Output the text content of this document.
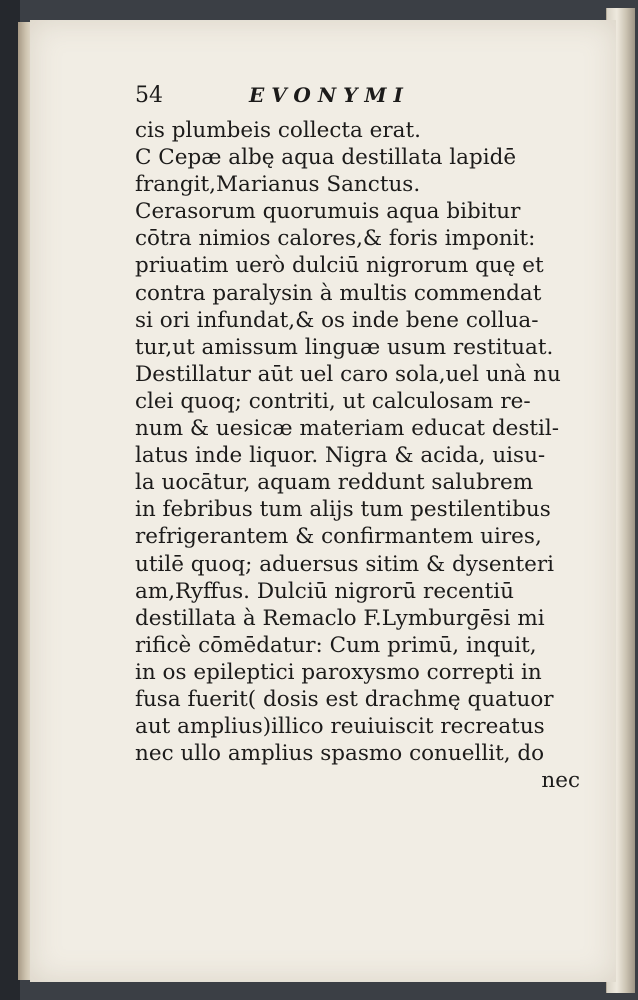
54	EVONYMI
cis plumbeis collecta erat.
C Cepæ albę aqua destillata lapidē
frangit,Marianus Sanctus.
Cerasorum quorumuis aqua bibitur
cōtra nimios calores,& foris imponit:
priuatim uerò dulciū nigrorum quę et
contra paralysin à multis commendat
si ori infundat,& os inde bene collua-
tur,ut amissum linguæ usum restituat.
Destillatur aūt uel caro sola,uel unà nu
clei quoq; contriti, ut calculosam re-
num & uesicæ materiam educat destil-
latus inde liquor. Nigra & acida, uisu-
la uocātur, aquam reddunt salubrem
in febribus tum alijs tum pestilentibus
refrigerantem & confirmantem uires,
utilē quoq; aduersus sitim & dysenteri
am,Ryffus. Dulciū nigrorū recentiū
destillata à Remaclo F.Lymburgēsi mi
rificè cōmēdatur: Cum primū, inquit,
in os epileptici paroxysmo correpti in
fusa fuerit( dosis est drachmę quatuor
aut amplius)illico reuiuiscit recreatus
nec ullo amplius spasmo conuellit, do
nec
